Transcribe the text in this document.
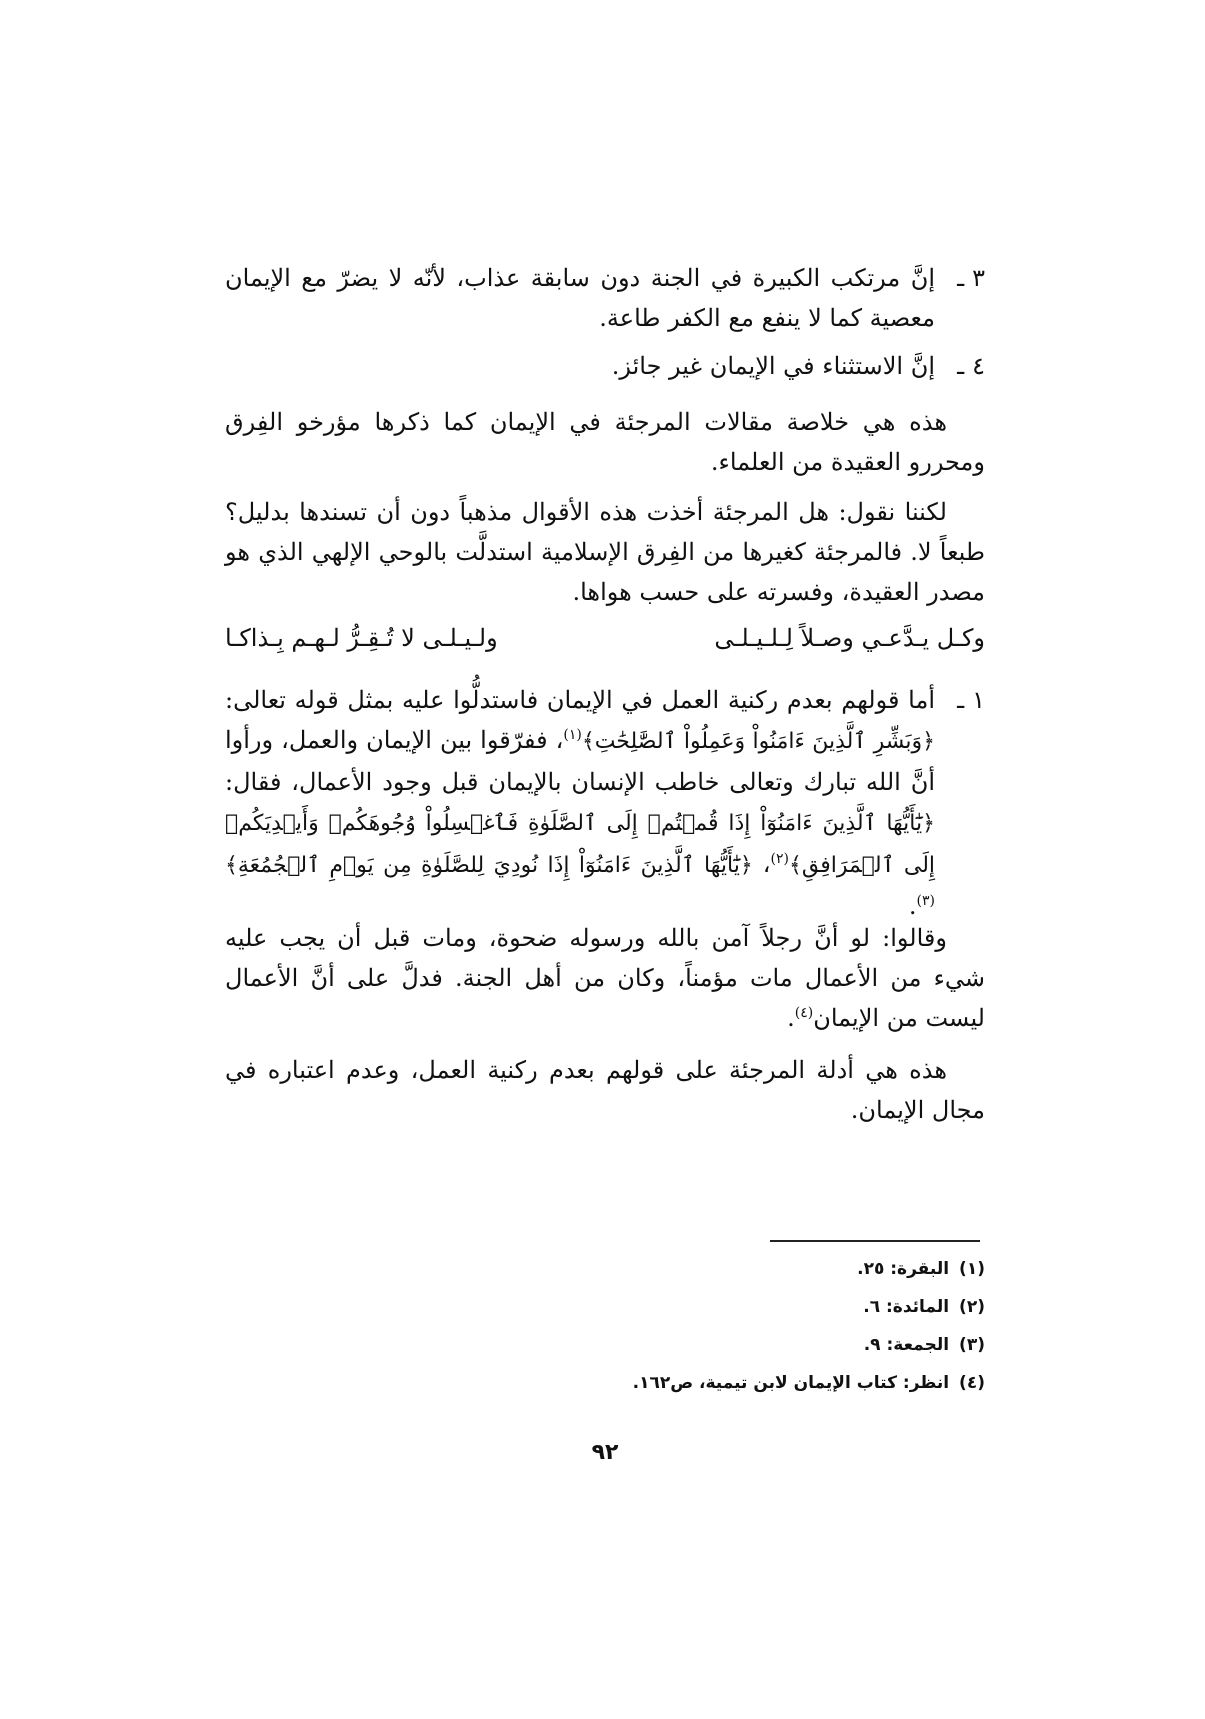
٣ـ
إنَّ مرتكب الكبيرة في الجنة دون سابقة عذاب، لأنّه لا يضرّ مع الإيمان معصية كما لا ينفع مع الكفر طاعة.
٤ـ
إنَّ الاستثناء في الإيمان غير جائز.

هذه هي خلاصة مقالات المرجئة في الإيمان كما ذكرها مؤرخو الفِرق ومحررو العقيدة من العلماء.

لكننا نقول: هل المرجئة أخذت هذه الأقوال مذهباً دون أن تسندها بدليل؟ طبعاً لا. فالمرجئة كغيرها من الفِرق الإسلامية استدلَّت بالوحي الإلهي الذي هو مصدر العقيدة، وفسرته على حسب هواها.

وكـل يـدَّعـي وصـلاً لِـلـيـلـى
ولـيـلـى لا تُـقِـرُّ لـهـم بِـذاكـا
١ـ
أما قولهم بعدم ركنية العمل في الإيمان فاستدلُّوا عليه بمثل قوله تعالى: ﴿وَبَشِّرِ ٱلَّذِينَ ءَامَنُواْ وَعَمِلُواْ ٱلصَّٰلِحَٰتِ﴾$^{(١)}$، ففرّقوا بين الإيمان والعمل، ورأوا أنَّ الله تبارك وتعالى خاطب الإنسان بالإيمان قبل وجود الأعمال، فقال: ﴿يَٰٓأَيُّهَا ٱلَّذِينَ ءَامَنُوٓاْ إِذَا قُمۡتُمۡ إِلَى ٱلصَّلَوٰةِ فَٱغۡسِلُواْ وُجُوهَكُمۡ وَأَيۡدِيَكُمۡ إِلَى ٱلۡمَرَافِقِ﴾$^{(٢)}$، ﴿يَٰٓأَيُّهَا ٱلَّذِينَ ءَامَنُوٓاْ إِذَا نُودِيَ لِلصَّلَوٰةِ مِن يَوۡمِ ٱلۡجُمُعَةِ﴾$^{(٣)}$.

وقالوا: لو أنَّ رجلاً آمن بالله ورسوله ضحوة، ومات قبل أن يجب عليه شيء من الأعمال مات مؤمناً، وكان من أهل الجنة. فدلَّ على أنَّ الأعمال ليست من الإيمان$^{(٤)}$.

هذه هي أدلة المرجئة على قولهم بعدم ركنية العمل، وعدم اعتباره في مجال الإيمان.

(١)البقرة: ٢٥.
(٢)المائدة: ٦.
(٣)الجمعة: ٩.
(٤)انظر: كتاب الإيمان لابن تيمية، ص١٦٢.
٩٢
